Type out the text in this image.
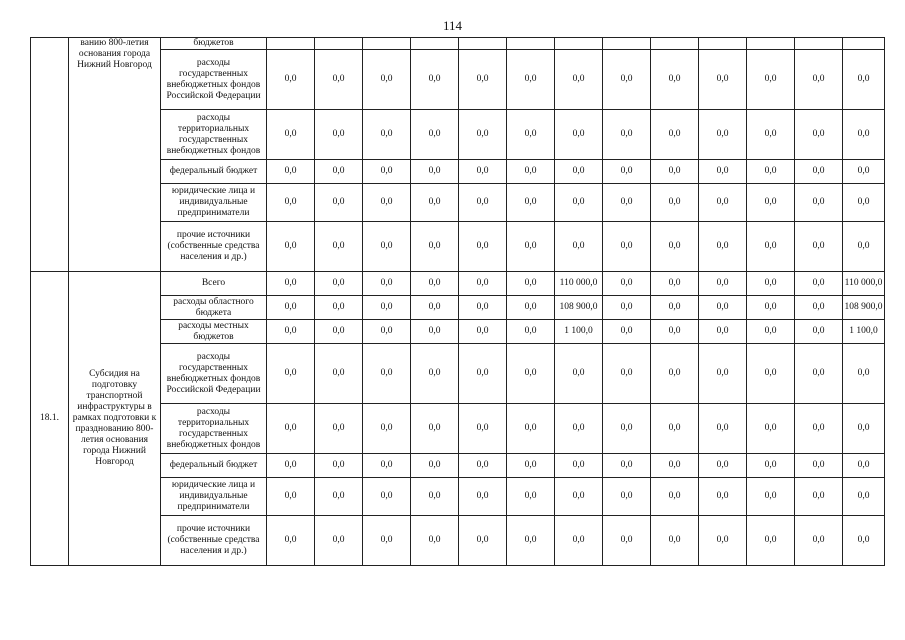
114
	ванию 800-летия основания города Нижний Новгород	бюджетов													
		расходы государственных внебюджетных фондов Российской Федерации	0,0	0,0	0,0	0,0	0,0	0,0	0,0	0,0	0,0	0,0	0,0	0,0	0,0
		расходы территориальных государственных внебюджетных фондов	0,0	0,0	0,0	0,0	0,0	0,0	0,0	0,0	0,0	0,0	0,0	0,0	0,0
		федеральный бюджет	0,0	0,0	0,0	0,0	0,0	0,0	0,0	0,0	0,0	0,0	0,0	0,0	0,0
		юридические лица и индивидуальные предприниматели	0,0	0,0	0,0	0,0	0,0	0,0	0,0	0,0	0,0	0,0	0,0	0,0	0,0
		прочие источники (собственные средства населения и др.)	0,0	0,0	0,0	0,0	0,0	0,0	0,0	0,0	0,0	0,0	0,0	0,0	0,0
18.1.	Субсидия на подготовку транспортной инфраструктуры в рамках подготовки к празднованию 800-летия основания города Нижний Новгород	Всего	0,0	0,0	0,0	0,0	0,0	0,0	110 000,0	0,0	0,0	0,0	0,0	0,0	110 000,0
		расходы областного бюджета	0,0	0,0	0,0	0,0	0,0	0,0	108 900,0	0,0	0,0	0,0	0,0	0,0	108 900,0
		расходы местных бюджетов	0,0	0,0	0,0	0,0	0,0	0,0	1 100,0	0,0	0,0	0,0	0,0	0,0	1 100,0
		расходы государственных внебюджетных фондов Российской Федерации	0,0	0,0	0,0	0,0	0,0	0,0	0,0	0,0	0,0	0,0	0,0	0,0	0,0
		расходы территориальных государственных внебюджетных фондов	0,0	0,0	0,0	0,0	0,0	0,0	0,0	0,0	0,0	0,0	0,0	0,0	0,0
		федеральный бюджет	0,0	0,0	0,0	0,0	0,0	0,0	0,0	0,0	0,0	0,0	0,0	0,0	0,0
		юридические лица и индивидуальные предприниматели	0,0	0,0	0,0	0,0	0,0	0,0	0,0	0,0	0,0	0,0	0,0	0,0	0,0
		прочие источники (собственные средства населения и др.)	0,0	0,0	0,0	0,0	0,0	0,0	0,0	0,0	0,0	0,0	0,0	0,0	0,0
